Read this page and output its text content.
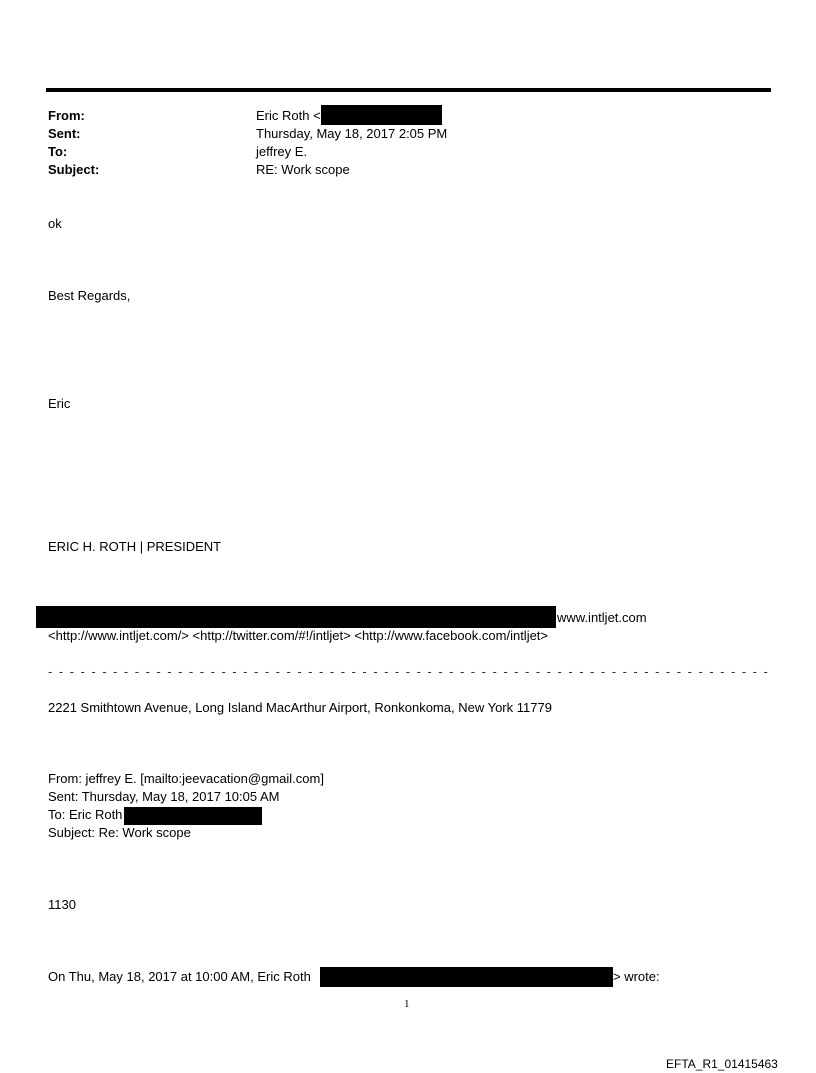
From:	Eric Roth <
Sent:	Thursday, May 18, 2017 2:05 PM
To:	jeffrey E.
Subject:	RE: Work scope
ok
Best Regards,
Eric
ERIC H. ROTH | PRESIDENT
www.intljet.com
<http://www.intljet.com/> <http://twitter.com/#!/intljet> <http://www.facebook.com/intljet>
- - - - - - - - - - - - - - - - - - - - - - - - - - - - - - - - - - - - - - - - - - - - - - - - - - - - - - - - - - - - - - - - - - -
2221 Smithtown Avenue, Long Island MacArthur Airport, Ronkonkoma, New York 11779
From: jeffrey E. [mailto:jeevacation@gmail.com]
Sent: Thursday, May 18, 2017 10:05 AM
To: Eric Roth
Subject: Re: Work scope
1130
On Thu, May 18, 2017 at 10:00 AM, Eric Roth	> wrote:
1
EFTA_R1_01415463
